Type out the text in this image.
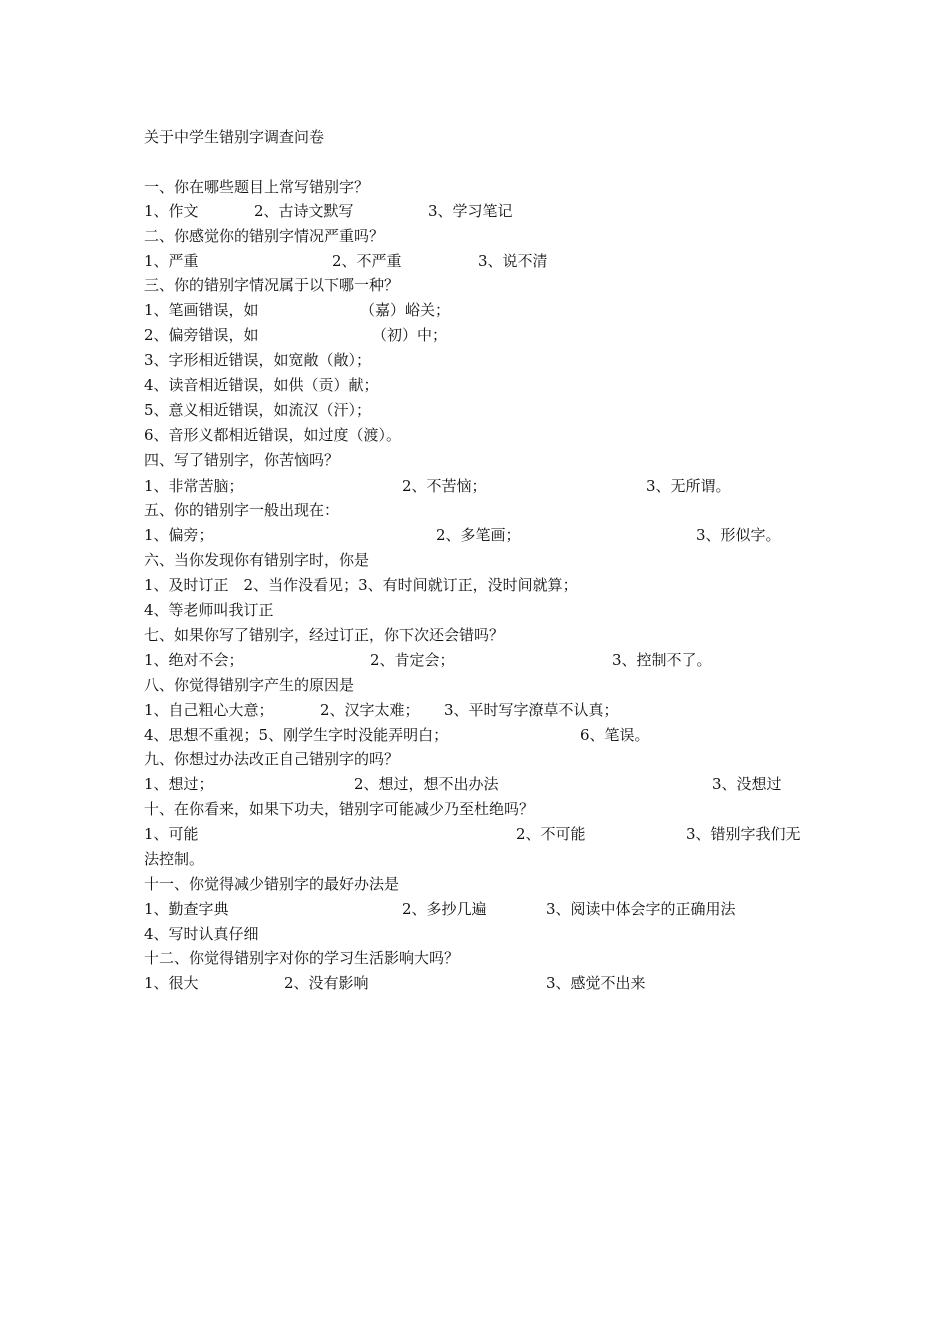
关于中学生错别字调查问卷
一、你在哪些题目上常写错别字？
1、作文	2、古诗文默写	3、学习笔记
二、你感觉你的错别字情况严重吗？
1、严重	2、不严重	3、说不清
三、你的错别字情况属于以下哪一种？
1、笔画错误，如	（嘉）峪关；
2、偏旁错误，如	（初）中；
3、字形相近错误，如宽敞（敞）；
4、读音相近错误，如供（贡）献；
5、意义相近错误，如流汉（汗）；
6、音形义都相近错误，如过度（渡）。
四、写了错别字，你苦恼吗？
1、非常苦脑；	2、不苦恼；	3、无所谓。
五、你的错别字一般出现在：
1、偏旁；	2、多笔画；	3、形似字。
六、当你发现你有错别字时，你是
1、及时订正　2、当作没看见；3、有时间就订正，没时间就算；
4、等老师叫我订正
七、如果你写了错别字，经过订正，你下次还会错吗？
1、绝对不会；	2、肯定会；	3、控制不了。
八、你觉得错别字产生的原因是
1、自己粗心大意；	2、汉字太难； 3、平时写字潦草不认真；
4、思想不重视；5、刚学生字时没能弄明白；	6、笔误。
九、你想过办法改正自己错别字的吗？
1、想过；	2、想过，想不出办法	3、没想过
十、在你看来，如果下功夫，错别字可能减少乃至杜绝吗？
1、可能	2、不可能	3、错别字我们无
法控制。
十一、你觉得减少错别字的最好办法是
1、勤查字典	2、多抄几遍	3、阅读中体会字的正确用法
4、写时认真仔细
十二、你觉得错别字对你的学习生活影响大吗？
1、很大	2、没有影响	3、感觉不出来
